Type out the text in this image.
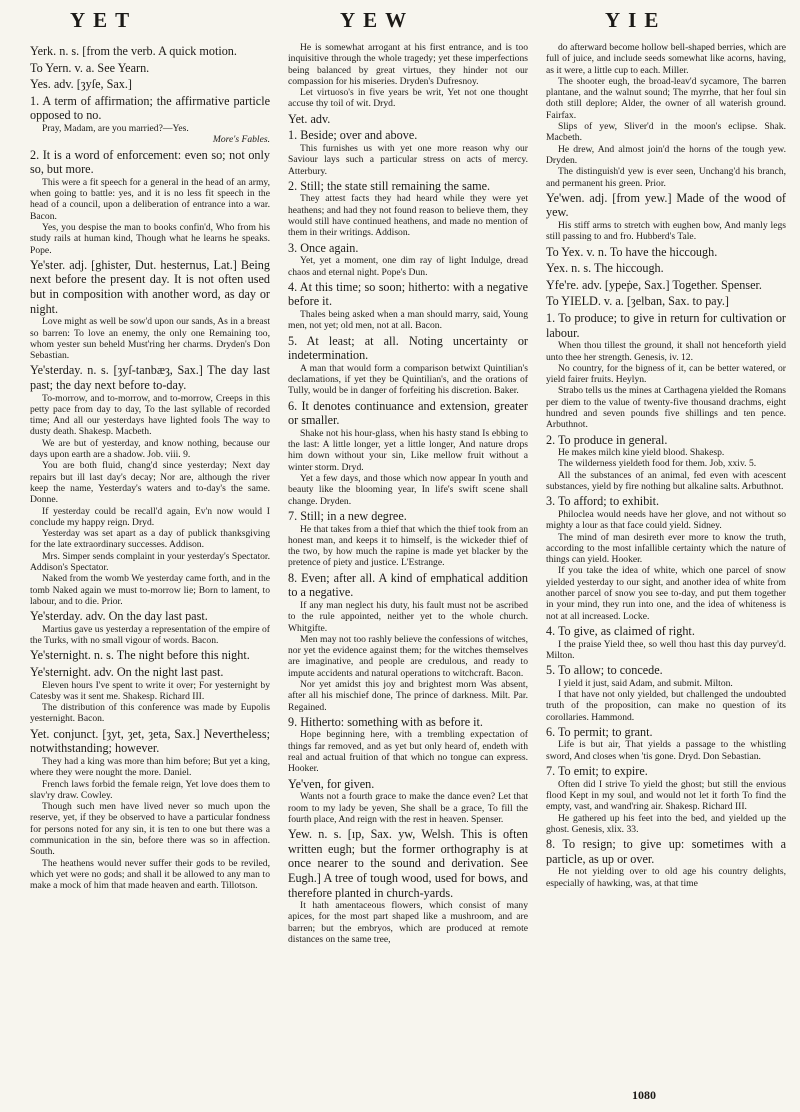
YET	YEW	YIE

Yerk. n. s. [from the verb. A quick motion.

To Yern. v. a. See Yearn.

Yes. adv. [ȝyſe, Sax.]

1. A term of affirmation; the affirmative particle opposed to no.

Pray, Madam, are you married?—Yes.

More's Fables.

2. It is a word of enforcement: even so; not only so, but more.

This were a fit speech for a general in the head of an army, when going to battle: yes, and it is no less fit speech in the head of a council, upon a deliberation of entrance into a war. Bacon.

Yes, you despise the man to books confin'd, Who from his study rails at human kind, Though what he learns he speaks. Pope.

Ye'ster. adj. [ghister, Dut. hesternus, Lat.] Being next before the present day. It is not often used but in composition with another word, as day or night.

Love might as well be sow'd upon our sands, As in a breast so barren: To love an enemy, the only one Remaining too, whom yester sun beheld Must'ring her charms. Dryden's Don Sebastian.

Ye'sterday. n. s. [ȝyſ-tanbæȝ, Sax.] The day last past; the day next before to-day.

To-morrow, and to-morrow, and to-morrow, Creeps in this petty pace from day to day, To the last syllable of recorded time; And all our yesterdays have lighted fools The way to dusty death. Shakesp. Macbeth.

We are but of yesterday, and know nothing, because our days upon earth are a shadow. Job. viii. 9.

You are both fluid, chang'd since yesterday; Next day repairs but ill last day's decay; Nor are, although the river keep the name, Yesterday's waters and to-day's the same. Donne.

If yesterday could be recall'd again, Ev'n now would I conclude my happy reign. Dryd.

Yesterday was set apart as a day of publick thanksgiving for the late extraordinary successes. Addison.

Mrs. Simper sends complaint in your yesterday's Spectator. Addison's Spectator.

Naked from the womb We yesterday came forth, and in the tomb Naked again we must to-morrow lie; Born to lament, to labour, and to die. Prior.

Ye'sterday. adv. On the day last past.

Martius gave us yesterday a representation of the empire of the Turks, with no small vigour of words. Bacon.

Ye'sternight. n. s. The night before this night.

Ye'sternight. adv. On the night last past.

Eleven hours I've spent to write it over; For yesternight by Catesby was it sent me. Shakesp. Richard III.

The distribution of this conference was made by Eupolis yesternight. Bacon.

Yet. conjunct. [ȝyt, ȝet, ȝeta, Sax.] Nevertheless; notwithstanding; however.

They had a king was more than him before; But yet a king, where they were nought the more. Daniel.

French laws forbid the female reign, Yet love does them to slav'ry draw. Cowley.

Though such men have lived never so much upon the reserve, yet, if they be observed to have a particular fondness for persons noted for any sin, it is ten to one but there was a communication in the sin, before there was so in affection. South.

The heathens would never suffer their gods to be reviled, which yet were no gods; and shall it be allowed to any man to make a mock of him that made heaven and earth. Tillotson.

He is somewhat arrogant at his first entrance, and is too inquisitive through the whole tragedy; yet these imperfections being balanced by great virtues, they hinder not our compassion for his miseries. Dryden's Dufresnoy.

Let virtuoso's in five years be writ, Yet not one thought accuse thy toil of wit. Dryd.

Yet. adv.

1. Beside; over and above.

This furnishes us with yet one more reason why our Saviour lays such a particular stress on acts of mercy. Atterbury.

2. Still; the state still remaining the same.

They attest facts they had heard while they were yet heathens; and had they not found reason to believe them, they would still have continued heathens, and made no mention of them in their writings. Addison.

3. Once again.

Yet, yet a moment, one dim ray of light Indulge, dread chaos and eternal night. Pope's Dun.

4. At this time; so soon; hitherto: with a negative before it.

Thales being asked when a man should marry, said, Young men, not yet; old men, not at all. Bacon.

5. At least; at all. Noting uncertainty or indetermination.

A man that would form a comparison betwixt Quintilian's declamations, if yet they be Quintilian's, and the orations of Tully, would be in danger of forfeiting his discretion. Baker.

6. It denotes continuance and extension, greater or smaller.

Shake not his hour-glass, when his hasty stand Is ebbing to the last: A little longer, yet a little longer, And nature drops him down without your sin, Like mellow fruit without a winter storm. Dryd.

Yet a few days, and those which now appear In youth and beauty like the blooming year, In life's swift scene shall change. Dryden.

7. Still; in a new degree.

He that takes from a thief that which the thief took from an honest man, and keeps it to himself, is the wickeder thief of the two, by how much the rapine is made yet blacker by the pretence of piety and justice. L'Estrange.

8. Even; after all. A kind of emphatical addition to a negative.

If any man neglect his duty, his fault must not be ascribed to the rule appointed, neither yet to the whole church. Whitgifte.

Men may not too rashly believe the confessions of witches, nor yet the evidence against them; for the witches themselves are imaginative, and people are credulous, and ready to impute accidents and natural operations to witchcraft. Bacon.

Nor yet amidst this joy and brightest morn Was absent, after all his mischief done, The prince of darkness. Milt. Par. Regained.

9. Hitherto: something with as before it.

Hope beginning here, with a trembling expectation of things far removed, and as yet but only heard of, endeth with real and actual fruition of that which no tongue can express. Hooker.

Ye'ven, for given.

Wants not a fourth grace to make the dance even? Let that room to my lady be yeven, She shall be a grace, To fill the fourth place, And reign with the rest in heaven. Spenser.

Yew. n. s. [ıp, Sax. yw, Welsh. This is often written eugh; but the former orthography is at once nearer to the sound and derivation. See Eugh.] A tree of tough wood, used for bows, and therefore planted in church-yards.

It hath amentaceous flowers, which consist of many apices, for the most part shaped like a mushroom, and are barren; but the embryos, which are produced at remote distances on the same tree,

do afterward become hollow bell-shaped berries, which are full of juice, and include seeds somewhat like acorns, having, as it were, a little cup to each. Miller.

The shooter eugh, the broad-leav'd sycamore, The barren plantane, and the walnut sound; The myrrhe, that her foul sin doth still deplore; Alder, the owner of all waterish ground. Fairfax.

Slips of yew, Sliver'd in the moon's eclipse. Shak. Macbeth.

He drew, And almost join'd the horns of the tough yew. Dryden.

The distinguish'd yew is ever seen, Unchang'd his branch, and permanent his green. Prior.

Ye'wen. adj. [from yew.] Made of the wood of yew.

His stiff arms to stretch with eughen bow, And manly legs still passing to and fro. Hubberd's Tale.

To Yex. v. n. To have the hiccough.

Yex. n. s. The hiccough.

Yfe're. adv. [ypeṗe, Sax.] Together. Spenser.

To YIELD. v. a. [ȝelban, Sax. to pay.]

1. To produce; to give in return for cultivation or labour.

When thou tillest the ground, it shall not henceforth yield unto thee her strength. Genesis, iv. 12.

No country, for the bigness of it, can be better watered, or yield fairer fruits. Heylyn.

Strabo tells us the mines at Carthagena yielded the Romans per diem to the value of twenty-five thousand drachms, eight hundred and seven pounds five shillings and ten pence. Arbuthnot.

2. To produce in general.

He makes milch kine yield blood. Shakesp.

The wilderness yieldeth food for them. Job, xxiv. 5.

All the substances of an animal, fed even with acescent substances, yield by fire nothing but alkaline salts. Arbuthnot.

3. To afford; to exhibit.

Philoclea would needs have her glove, and not without so mighty a lour as that face could yield. Sidney.

The mind of man desireth ever more to know the truth, according to the most infallible certainty which the nature of things can yield. Hooker.

If you take the idea of white, which one parcel of snow yielded yesterday to our sight, and another idea of white from another parcel of snow you see to-day, and put them together in your mind, they run into one, and the idea of whiteness is not at all increased. Locke.

4. To give, as claimed of right.

I the praise Yield thee, so well thou hast this day purvey'd. Milton.

5. To allow; to concede.

I yield it just, said Adam, and submit. Milton.

I that have not only yielded, but challenged the undoubted truth of the proposition, can make no question of its corollaries. Hammond.

6. To permit; to grant.

Life is but air, That yields a passage to the whistling sword, And closes when 'tis gone. Dryd. Don Sebastian.

7. To emit; to expire.

Often did I strive To yield the ghost; but still the envious flood Kept in my soul, and would not let it forth To find the empty, vast, and wand'ring air. Shakesp. Richard III.

He gathered up his feet into the bed, and yielded up the ghost. Genesis, xlix. 33.

8. To resign; to give up: sometimes with a particle, as up or over.

He not yielding over to old age his country delights, especially of hawking, was, at that time

1080
